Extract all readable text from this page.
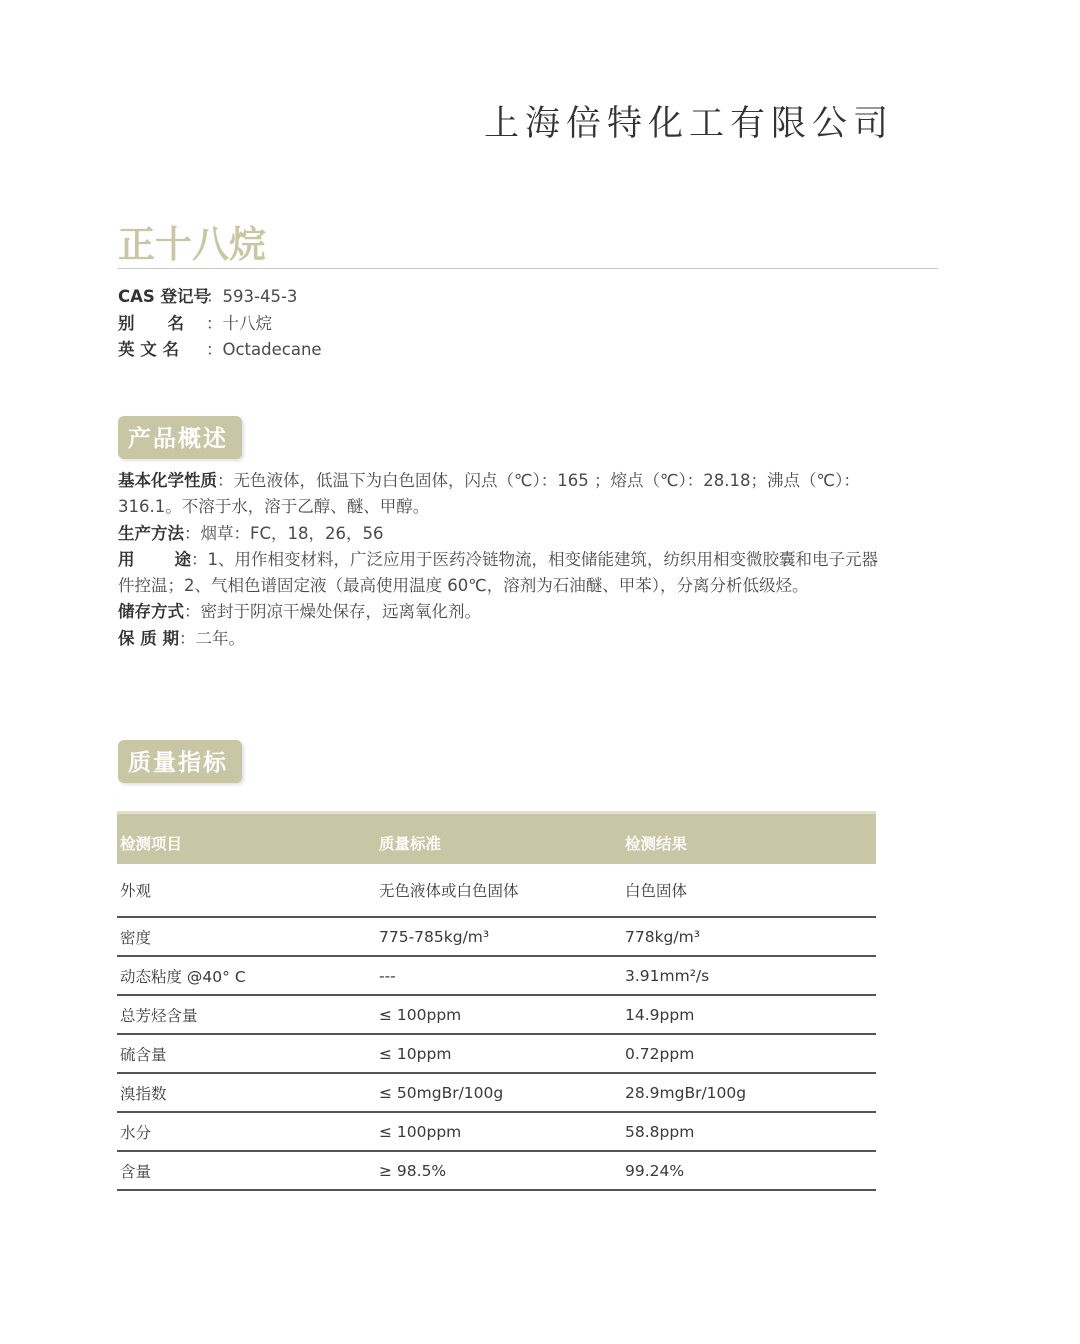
上海倍特化工有限公司
正十八烷
CAS 登记号：593-45-3
别　　名 ：十八烷
英 文 名 ：Octadecane
产品概述

基本化学性质：无色液体，低温下为白色固体，闪点（℃）：165 ；熔点（℃）：28.18；沸点（℃）：316.1。不溶于水，溶于乙醇、醚、甲醇。

生产方法：烟草：FC，18，26，56

用 途：1、用作相变材料，广泛应用于医药冷链物流，相变储能建筑，纺织用相变微胶囊和电子元器件控温；2、气相色谱固定液（最高使用温度 60℃，溶剂为石油醚、甲苯），分离分析低级烃。

储存方式：密封于阴凉干燥处保存，远离氧化剂。

保 质 期：二年。

质量指标
检测项目	质量标准	检测结果
外观	无色液体或白色固体	白色固体
密度	775-785kg/m³	778kg/m³
动态粘度 @40° C	---	3.91mm²/s
总芳烃含量	≤ 100ppm	14.9ppm
硫含量	≤ 10ppm	0.72ppm
溴指数	≤ 50mgBr/100g	28.9mgBr/100g
水分	≤ 100ppm	58.8ppm
含量	≥ 98.5%	99.24%
